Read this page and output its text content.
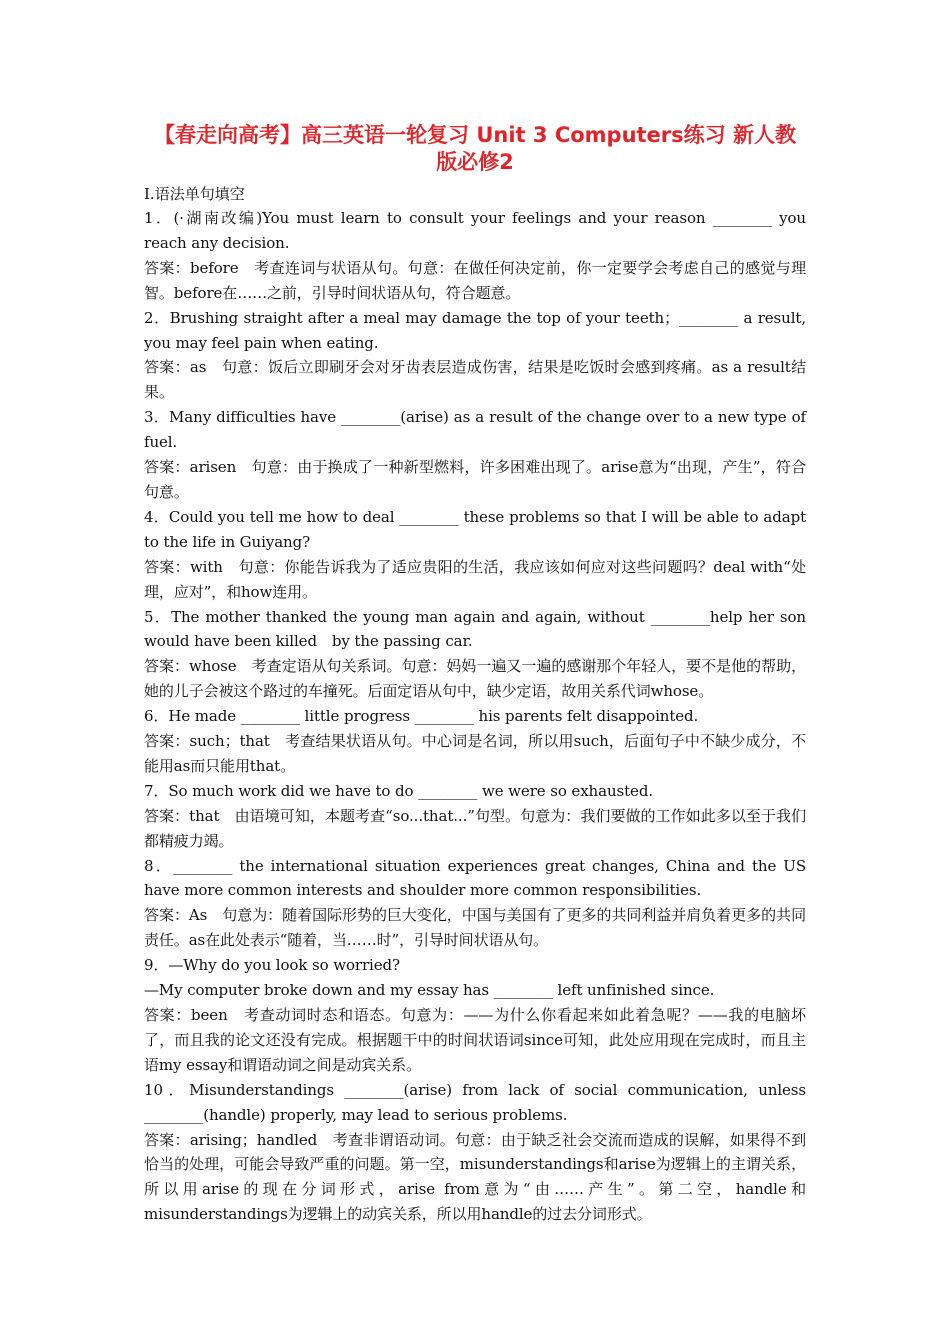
【春走向高考】高三英语一轮复习 Unit 3 Computers练习 新人教版必修2

Ⅰ.语法单句填空

1．(·湖南改编)You must learn to consult your feelings and your reason ________ you reach any decision.

答案：before　考查连词与状语从句。句意：在做任何决定前，你一定要学会考虑自己的感觉与理智。before在……之前，引导时间状语从句，符合题意。

2．Brushing straight after a meal may damage the top of your teeth；________ a result, you may feel pain when eating.

答案：as　句意：饭后立即刷牙会对牙齿表层造成伤害，结果是吃饭时会感到疼痛。as a result结果。

3．Many difficulties have ________(arise) as a result of the change over to a new type of fuel.

答案：arisen　句意：由于换成了一种新型燃料，许多困难出现了。arise意为“出现，产生”，符合句意。

4．Could you tell me how to deal ________ these problems so that I will be able to adapt to the life in Guiyang?

答案：with　句意：你能告诉我为了适应贵阳的生活，我应该如何应对这些问题吗？deal with“处理，应对”，和how连用。

5．The mother thanked the young man again and again, without ________help her son would have been killed　by the passing car.

答案：whose　考查定语从句关系词。句意：妈妈一遍又一遍的感谢那个年轻人，要不是他的帮助，她的儿子会被这个路过的车撞死。后面定语从句中，缺少定语，故用关系代词whose。

6．He made ________ little progress ________ his parents felt disappointed.

答案：such；that　考查结果状语从句。中心词是名词，所以用such，后面句子中不缺少成分，不能用as而只能用that。

7．So much work did we have to do ________ we were so exhausted.

答案：that　由语境可知，本题考查“so...that...”句型。句意为：我们要做的工作如此多以至于我们都精疲力竭。

8．________ the international situation experiences great changes, China and the US have more common interests and shoulder more common responsibilities.

答案：As　句意为：随着国际形势的巨大变化，中国与美国有了更多的共同利益并肩负着更多的共同责任。as在此处表示“随着，当……时”，引导时间状语从句。

9．—Why do you look so worried?
—My computer broke down and my essay has ________ left unfinished since.

答案：been　考查动词时态和语态。句意为：——为什么你看起来如此着急呢？——我的电脑坏了，而且我的论文还没有完成。根据题干中的时间状语词since可知，此处应用现在完成时，而且主语my essay和谓语动词之间是动宾关系。

10．Misunderstandings ________(arise) from lack of social communication, unless ________(handle) properly, may lead to serious problems.

答案：arising；handled　考查非谓语动词。句意：由于缺乏社会交流而造成的误解，如果得不到恰当的处理，可能会导致严重的问题。第一空，misunderstandings和arise为逻辑上的主谓关系，所以用arise的现在分词形式，arise from意为“由……产生”。第二空，handle和misunderstandings为逻辑上的动宾关系，所以用handle的过去分词形式。
